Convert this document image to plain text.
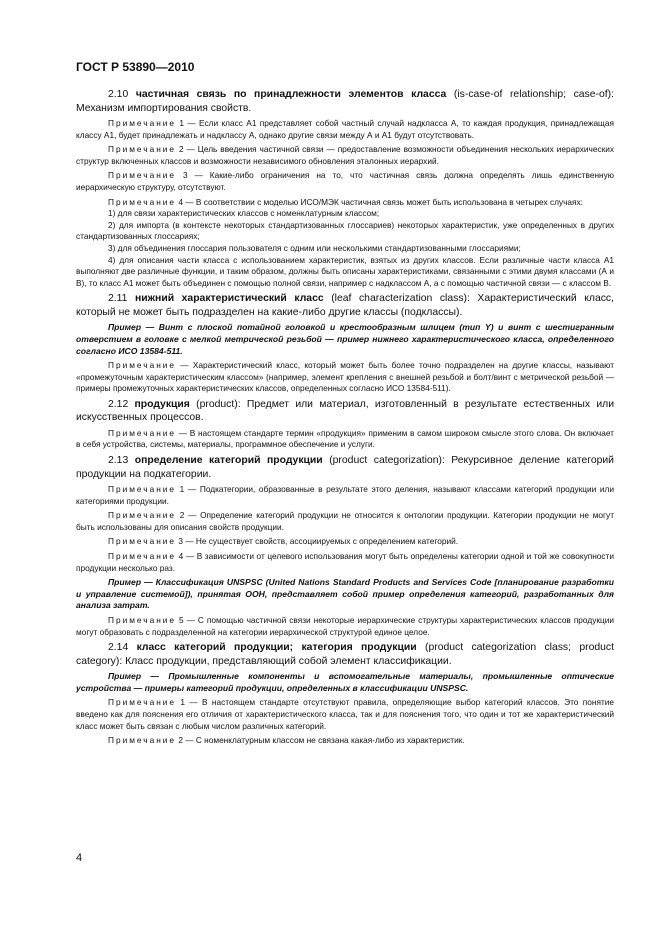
ГОСТ Р 53890—2010

2.10 частичная связь по принадлежности элементов класса (is-case-of relationship; case-of): Механизм импортирования свойств.

Примечание 1 — Если класс А1 представляет собой частный случай надкласса А, то каждая продукция, принадлежащая классу А1, будет принадлежать и надклассу А, однако другие связи между А и А1 будут отсутствовать.

Примечание 2 — Цель введения частичной связи — предоставление возможности объединения нескольких иерархических структур включенных классов и возможности независимого обновления эталонных иерархий.

Примечание 3 — Какие-либо ограничения на то, что частичная связь должна определять лишь единственную иерархическую структуру, отсутствуют.

Примечание 4 — В соответствии с моделью ИСО/МЭК частичная связь может быть использована в четырех случаях:

1) для связи характеристических классов с номенклатурным классом;

2) для импорта (в контексте некоторых стандартизованных глоссариев) некоторых характеристик, уже определенных в других стандартизованных глоссариях;

3) для объединения глоссария пользователя с одним или несколькими стандартизованными глоссариями;

4) для описания части класса с использованием характеристик, взятых из других классов. Если различные части класса А1 выполняют две различные функции, и таким образом, должны быть описаны характеристиками, связанными с этими двумя классами (А и В), то класс А1 может быть объединен с помощью полной связи, например с надклассом А, а с помощью частичной связи — с классом В.

2.11 нижний характеристический класс (leaf characterization class): Характеристический класс, который не может быть подразделен на какие-либо другие классы (подклассы).

Пример — Винт с плоской потайной головкой и крестообразным шлицем (тип Y) и винт с шестигранным отверстием в головке с мелкой метрической резьбой — пример нижнего характеристического класса, определенного согласно ИСО 13584-511.

Примечание — Характеристический класс, который может быть более точно подразделен на другие классы, называют «промежуточным характеристическим классом» (например, элемент крепления с внешней резьбой и болт/винт с метрической резьбой — примеры промежуточных характеристических классов, определенных согласно ИСО 13584-511).

2.12 продукция (product): Предмет или материал, изготовленный в результате естественных или искусственных процессов.

Примечание — В настоящем стандарте термин «продукция» применим в самом широком смысле этого слова. Он включает в себя устройства, системы, материалы, программное обеспечение и услуги.

2.13 определение категорий продукции (product categorization): Рекурсивное деление категорий продукции на подкатегории.

Примечание 1 — Подкатегории, образованные в результате этого деления, называют классами категорий продукции или категориями продукции.

Примечание 2 — Определение категорий продукции не относится к онтологии продукции. Категории продукции не могут быть использованы для описания свойств продукции.

Примечание 3 — Не существует свойств, ассоциируемых с определением категорий.

Примечание 4 — В зависимости от целевого использования могут быть определены категории одной и той же совокупности продукции несколько раз.

Пример — Классификация UNSPSC (United Nations Standard Products and Services Code [планирование разработки и управление системой]), принятая ООН, представляет собой пример определения категорий, разработанных для анализа затрат.

Примечание 5 — С помощью частичной связи некоторые иерархические структуры характеристических классов продукции могут образовать с подразделенной на категории иерархической структурой единое целое.

2.14 класс категорий продукции; категория продукции (product categorization class; product category): Класс продукции, представляющий собой элемент классификации.

Пример — Промышленные компоненты и вспомогательные материалы, промышленные оптические устройства — примеры категорий продукции, определенных в классификации UNSPSC.

Примечание 1 — В настоящем стандарте отсутствуют правила, определяющие выбор категорий классов. Это понятие введено как для пояснения его отличия от характеристического класса, так и для пояснения того, что один и тот же характеристический класс может быть связан с любым числом различных категорий.

Примечание 2 — С номенклатурным классом не связана какая-либо из характеристик.

4
